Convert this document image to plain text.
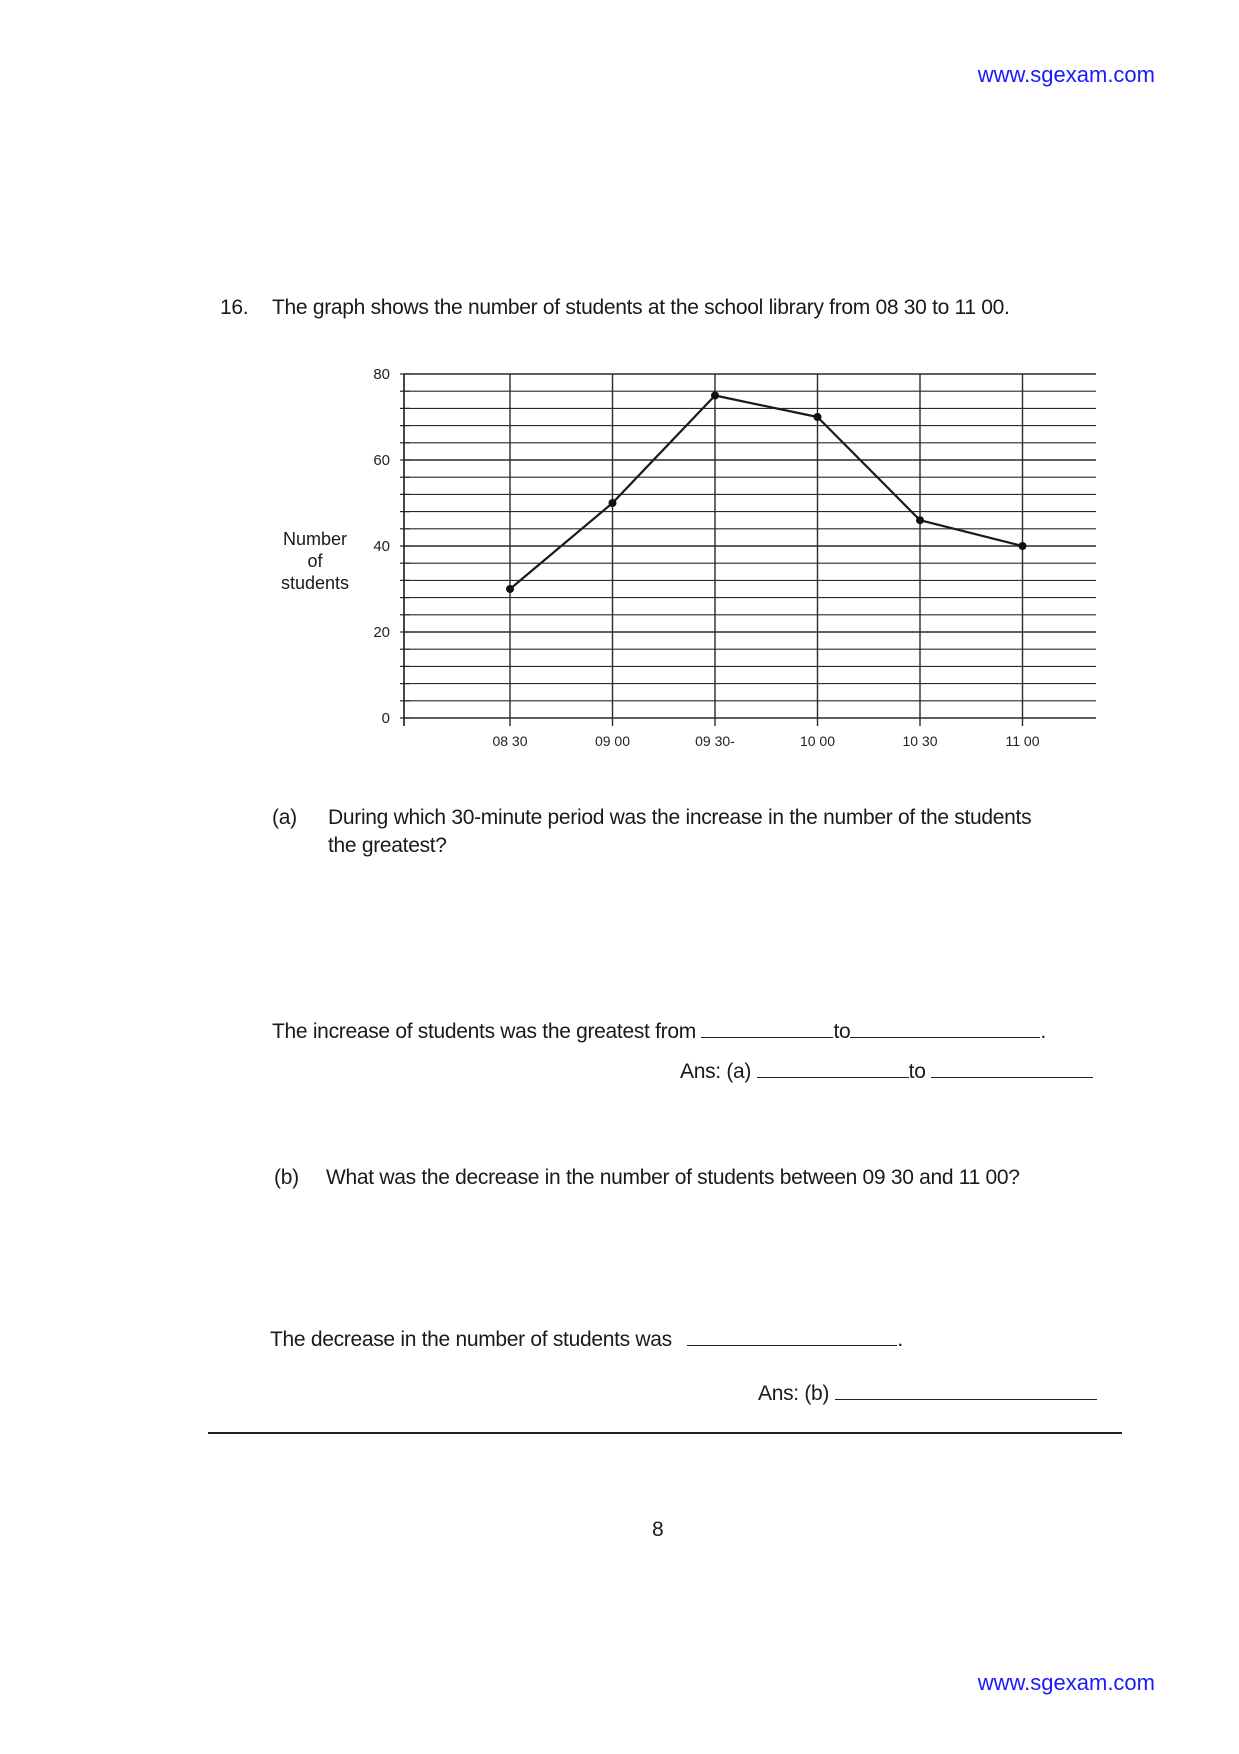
www.sgexam.com
16. The graph shows the number of students at the school library from 08 30 to 11 00.
Number
of
students
0
20
40
60
80
08 30	09 00	09 30-	10 00	10 30	11 00
(a) During which 30-minute period was the increase in the number of the students
the greatest?
The increase of students was the greatest from	to	.
Ans: (a)	to
(b) What was the decrease in the number of students between 09 30 and 11 00?
The decrease in the number of students was	.
Ans: (b)
8
www.sgexam.com
